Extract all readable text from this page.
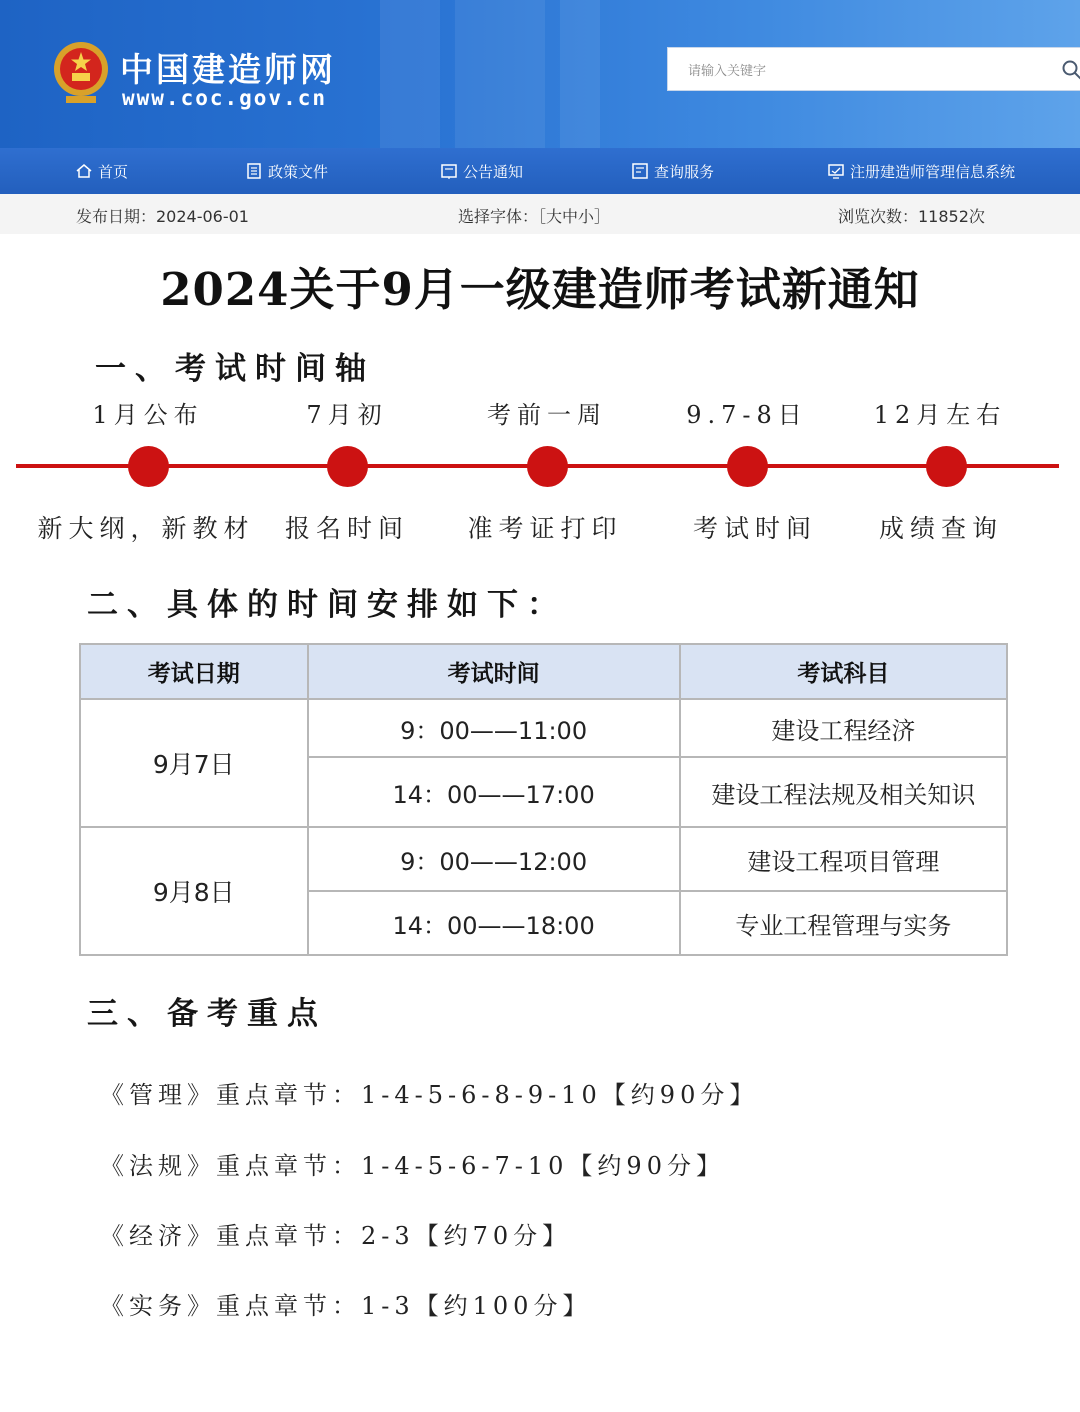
中国建造师网
www.coc.gov.cn
请输入关键字
首页	政策文件	公告通知	查询服务	注册建造师管理信息系统
发布日期：2024-06-01	选择字体：［大中小］	浏览次数：11852次
2024关于9月一级建造师考试新通知
一、考试时间轴
1月公布	7月初	考前一周	9.7-8日	12月左右
新大纲，新教材	报名时间	准考证打印	考试时间	成绩查询
二、具体的时间安排如下：
考试日期	考试时间	考试科目
9月7日	9：00——11:00	建设工程经济
	14：00——17:00	建设工程法规及相关知识
9月8日	9：00——12:00	建设工程项目管理
	14：00——18:00	专业工程管理与实务
三、备考重点
《管理》重点章节：1-4-5-6-8-9-10【约90分】
《法规》重点章节：1-4-5-6-7-10【约90分】
《经济》重点章节：2-3【约70分】
《实务》重点章节：1-3【约100分】
